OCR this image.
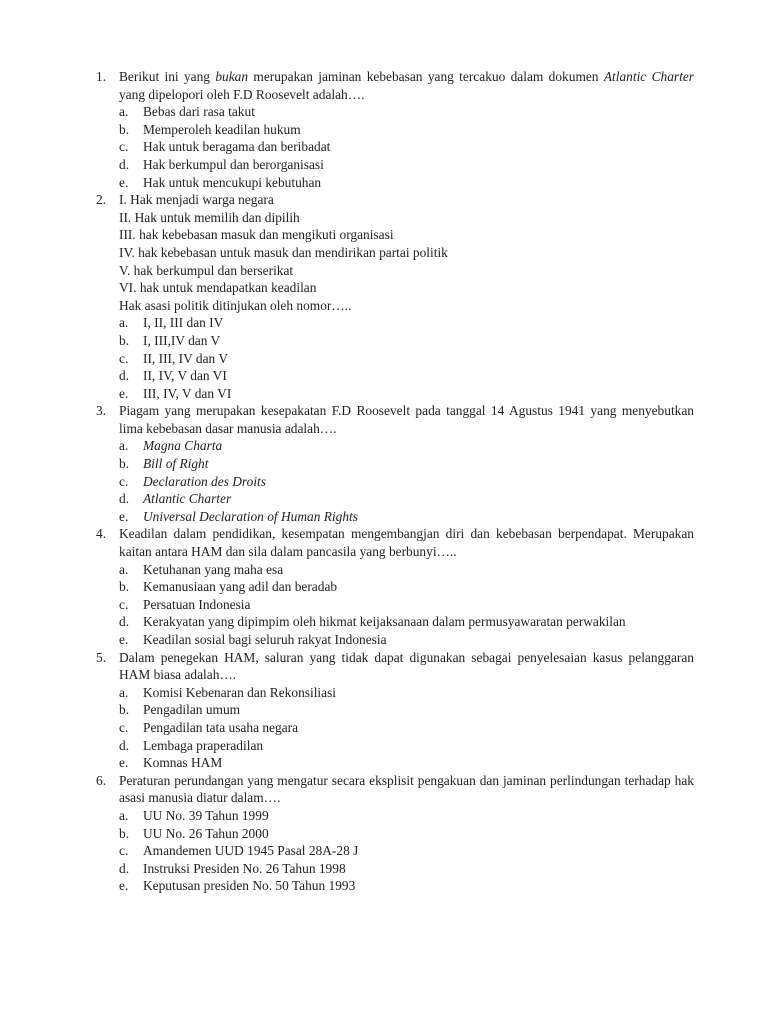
1. Berikut ini yang bukan merupakan jaminan kebebasan yang tercakuo dalam dokumen Atlantic Charter yang dipelopori oleh F.D Roosevelt adalah….
a. Bebas dari rasa takut
b. Memperoleh keadilan hukum
c. Hak untuk beragama dan beribadat
d. Hak berkumpul dan berorganisasi
e. Hak untuk mencukupi kebutuhan
2. I. Hak menjadi warga negara
II. Hak untuk memilih dan dipilih
III. hak kebebasan masuk dan mengikuti organisasi
IV. hak kebebasan untuk masuk dan mendirikan partai politik
V. hak berkumpul dan berserikat
VI. hak untuk mendapatkan keadilan
Hak asasi politik ditinjukan oleh nomor…..
a. I, II, III dan IV
b. I, III,IV dan V
c. II, III, IV dan V
d. II, IV, V dan VI
e. III, IV, V dan VI
3. Piagam yang merupakan kesepakatan F.D Roosevelt pada tanggal 14 Agustus 1941 yang menyebutkan lima kebebasan dasar manusia adalah….
a. Magna Charta
b. Bill of Right
c. Declaration des Droits
d. Atlantic Charter
e. Universal Declaration of Human Rights
4. Keadilan dalam pendidikan, kesempatan mengembangjan diri dan kebebasan berpendapat. Merupakan kaitan antara HAM dan sila dalam pancasila yang berbunyi…..
a. Ketuhanan yang maha esa
b. Kemanusiaan yang adil dan beradab
c. Persatuan Indonesia
d. Kerakyatan yang dipimpim oleh hikmat keijaksanaan dalam permusyawaratan perwakilan
e. Keadilan sosial bagi seluruh rakyat Indonesia
5. Dalam penegekan HAM, saluran yang tidak dapat digunakan sebagai penyelesaian kasus pelanggaran HAM biasa adalah….
a. Komisi Kebenaran dan Rekonsiliasi
b. Pengadilan umum
c. Pengadilan tata usaha negara
d. Lembaga praperadilan
e. Komnas HAM
6. Peraturan perundangan yang mengatur secara eksplisit pengakuan dan jaminan perlindungan terhadap hak asasi manusia diatur dalam….
a. UU No. 39 Tahun 1999
b. UU No. 26 Tahun 2000
c. Amandemen UUD 1945 Pasal 28A-28 J
d. Instruksi Presiden No. 26 Tahun 1998
e. Keputusan presiden No. 50 Tahun 1993
